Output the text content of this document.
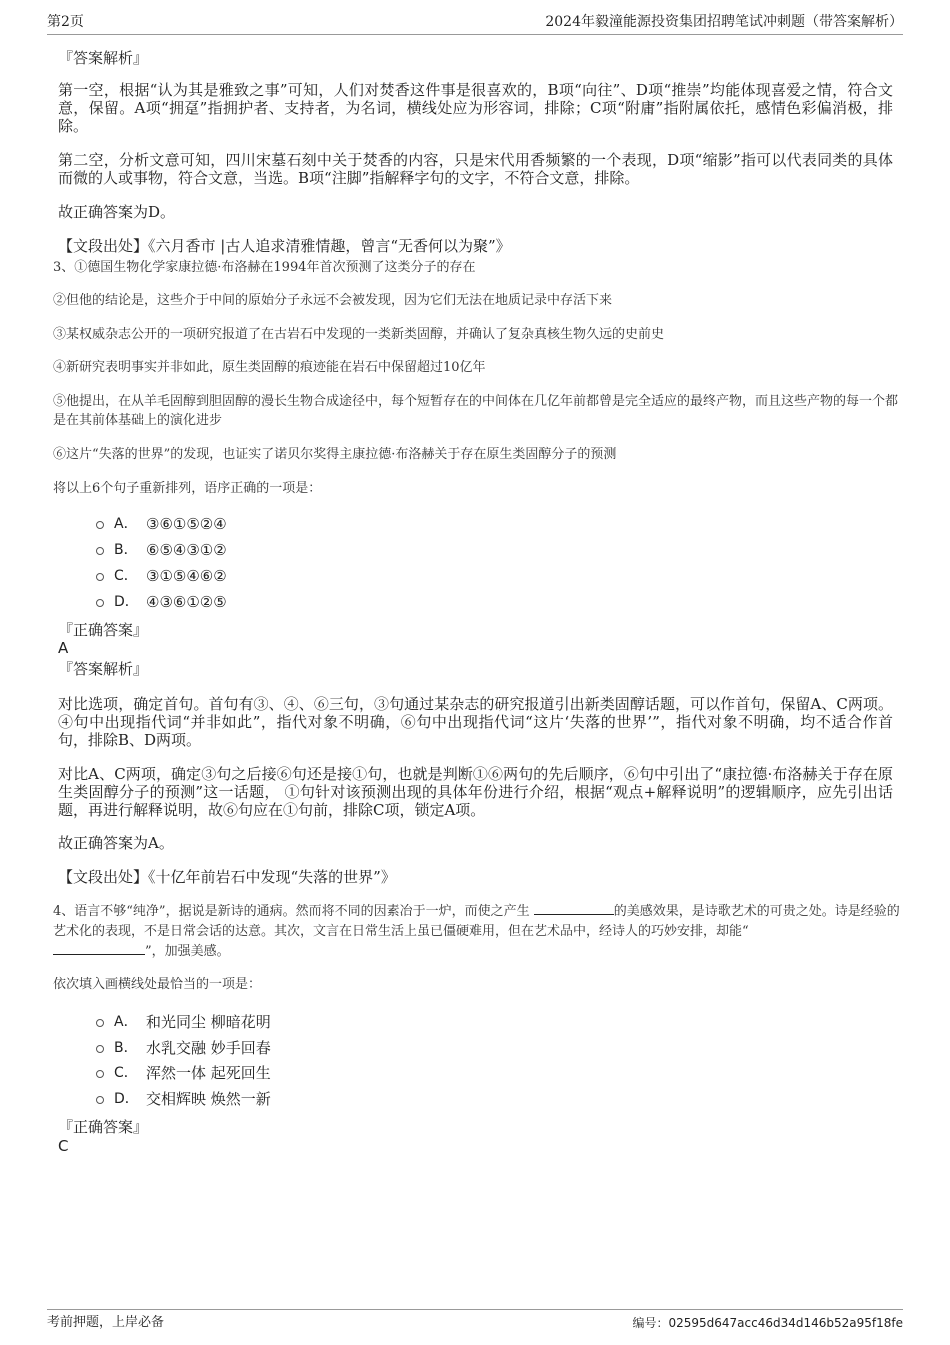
第2页	2024年毅潼能源投资集团招聘笔试冲刺题（带答案解析）
『答案解析』
第一空，根据“认为其是雅致之事”可知，人们对焚香这件事是很喜欢的，B项“向往”、D项“推崇”均能体现喜爱之情，符合文意，保留。A项“拥趸”指拥护者、支持者，为名词，横线处应为形容词，排除；C项“附庸”指附属依托，感情色彩偏消极，排除。
第二空，分析文意可知，四川宋墓石刻中关于焚香的内容，只是宋代用香频繁的一个表现，D项“缩影”指可以代表同类的具体而微的人或事物，符合文意，当选。B项“注脚”指解释字句的文字，不符合文意，排除。
故正确答案为D。
【文段出处】《六月香市 |古人追求清雅情趣，曾言“无香何以为聚”》
3、①德国生物化学家康拉德·布洛赫在1994年首次预测了这类分子的存在
②但他的结论是，这些介于中间的原始分子永远不会被发现，因为它们无法在地质记录中存活下来
③某权威杂志公开的一项研究报道了在古岩石中发现的一类新类固醇，并确认了复杂真核生物久远的史前史
④新研究表明事实并非如此，原生类固醇的痕迹能在岩石中保留超过10亿年
⑤他提出，在从羊毛固醇到胆固醇的漫长生物合成途径中，每个短暂存在的中间体在几亿年前都曾是完全适应的最终产物，而且这些产物的每一个都是在其前体基础上的演化进步
⑥这片“失落的世界”的发现，也证实了诺贝尔奖得主康拉德·布洛赫关于存在原生类固醇分子的预测
将以上6个句子重新排列，语序正确的一项是：
A． ③⑥①⑤②④
B． ⑥⑤④③①②
C． ③①⑤④⑥②
D． ④③⑥①②⑤
『正确答案』
A
『答案解析』
对比选项，确定首句。首句有③、④、⑥三句，③句通过某杂志的研究报道引出新类固醇话题，可以作首句，保留A、C两项。④句中出现指代词“并非如此”，指代对象不明确，⑥句中出现指代词“这片‘失落的世界’”，指代对象不明确，均不适合作首句，排除B、D两项。
对比A、C两项，确定③句之后接⑥句还是接①句，也就是判断①⑥两句的先后顺序，⑥句中引出了“康拉德·布洛赫关于存在原生类固醇分子的预测”这一话题， ①句针对该预测出现的具体年份进行介绍，根据“观点+解释说明”的逻辑顺序，应先引出话题，再进行解释说明，故⑥句应在①句前，排除C项，锁定A项。
故正确答案为A。
【文段出处】《十亿年前岩石中发现“失落的世界”》
4、语言不够“纯净”，据说是新诗的通病。然而将不同的因素冶于一炉，而使之产生	的美感效果，是诗歌艺术的可贵之处。诗是经验的艺术化的表现，不是日常会话的达意。其次，文言在日常生活上虽已僵硬难用，但在艺术品中，经诗人的巧妙安排，却能“
”，加强美感。
依次填入画横线处最恰当的一项是：
A． 和光同尘 柳暗花明
B． 水乳交融 妙手回春
C． 浑然一体 起死回生
D． 交相辉映 焕然一新
『正确答案』
C
考前押题，上岸必备	编号：02595d647acc46d34d146b52a95f18fe
